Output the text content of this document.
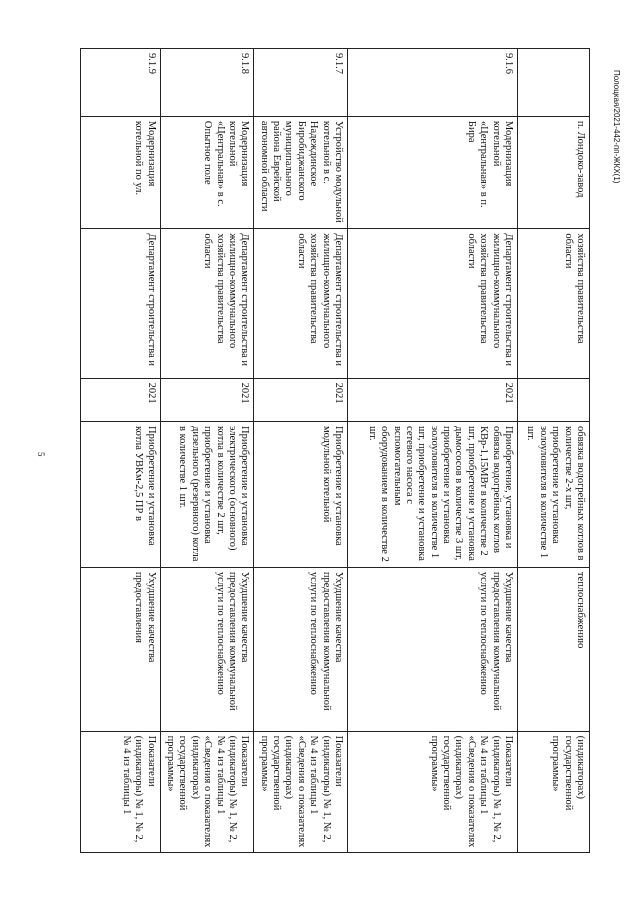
5
Полоцкая/2021-442-пп-ЖКХ(1)
	п. Лондоко-завод	хозяйства правительства области		обвязка водогрейных котлов в количестве 2-х шт, приобретение и установка золоуловителя в количестве 1 шт.	теплоснабжению	(индикаторах) государственной программы»
9.1.6	Модернизация котельной «Центральная» в п. Бира	Департамент строительства и жилищно-коммунального хозяйства правительства области	2021	Приобретение, установка и обвязка водогрейных котлов КВр-1,15МВт в количестве 2 шт, приобретение и установка дымососов в количестве 3 шт, приобретение и установка золоуловителя в количестве 1 шт, приобретение и установка сетевого насоса с вспомогательным оборудованием в количестве 2 шт.	Ухудшение качества предоставления коммунальной услуги по теплоснабжению	Показатели (индикаторы) № 1, № 2, № 4 из таблицы 1 «Сведения о показателях (индикаторах) государственной программы»
9.1.7	Устройство модульной котельной в с. Надеждинское Биробиджанского муниципального района Еврейской автономной области	Департамент строительства и жилищно-коммунального хозяйства правительства области	2021	Приобретение и установка модульной котельной	Ухудшение качества предоставления коммунальной услуги по теплоснабжению	Показатели (индикаторы) № 1, № 2, № 4 из таблицы 1 «Сведения о показателях (индикаторах) государственной программы»
9.1.8	Модернизация котельной «Центральная» в с. Опытное поле	Департамент строительства и жилищно-коммунального хозяйства правительства области	2021	Приобретение и установка электрического (основного) котла в количестве 2 шт, приобретение и установка дизельного (резервного) котла в количестве 1 шт.	Ухудшение качества предоставления коммунальной услуги по теплоснабжению	Показатели (индикаторы) № 1, № 2, № 4 из таблицы 1 «Сведения о показателях (индикаторах) государственной программы»
9.1.9	Модернизация котельной по ул.	Департамент строительства и	2021	Приобретение и установка котла УВКм-2,5 ПР в	Ухудшение качества предоставления	Показатели (индикаторы) № 1, № 2, № 4 из таблицы 1
